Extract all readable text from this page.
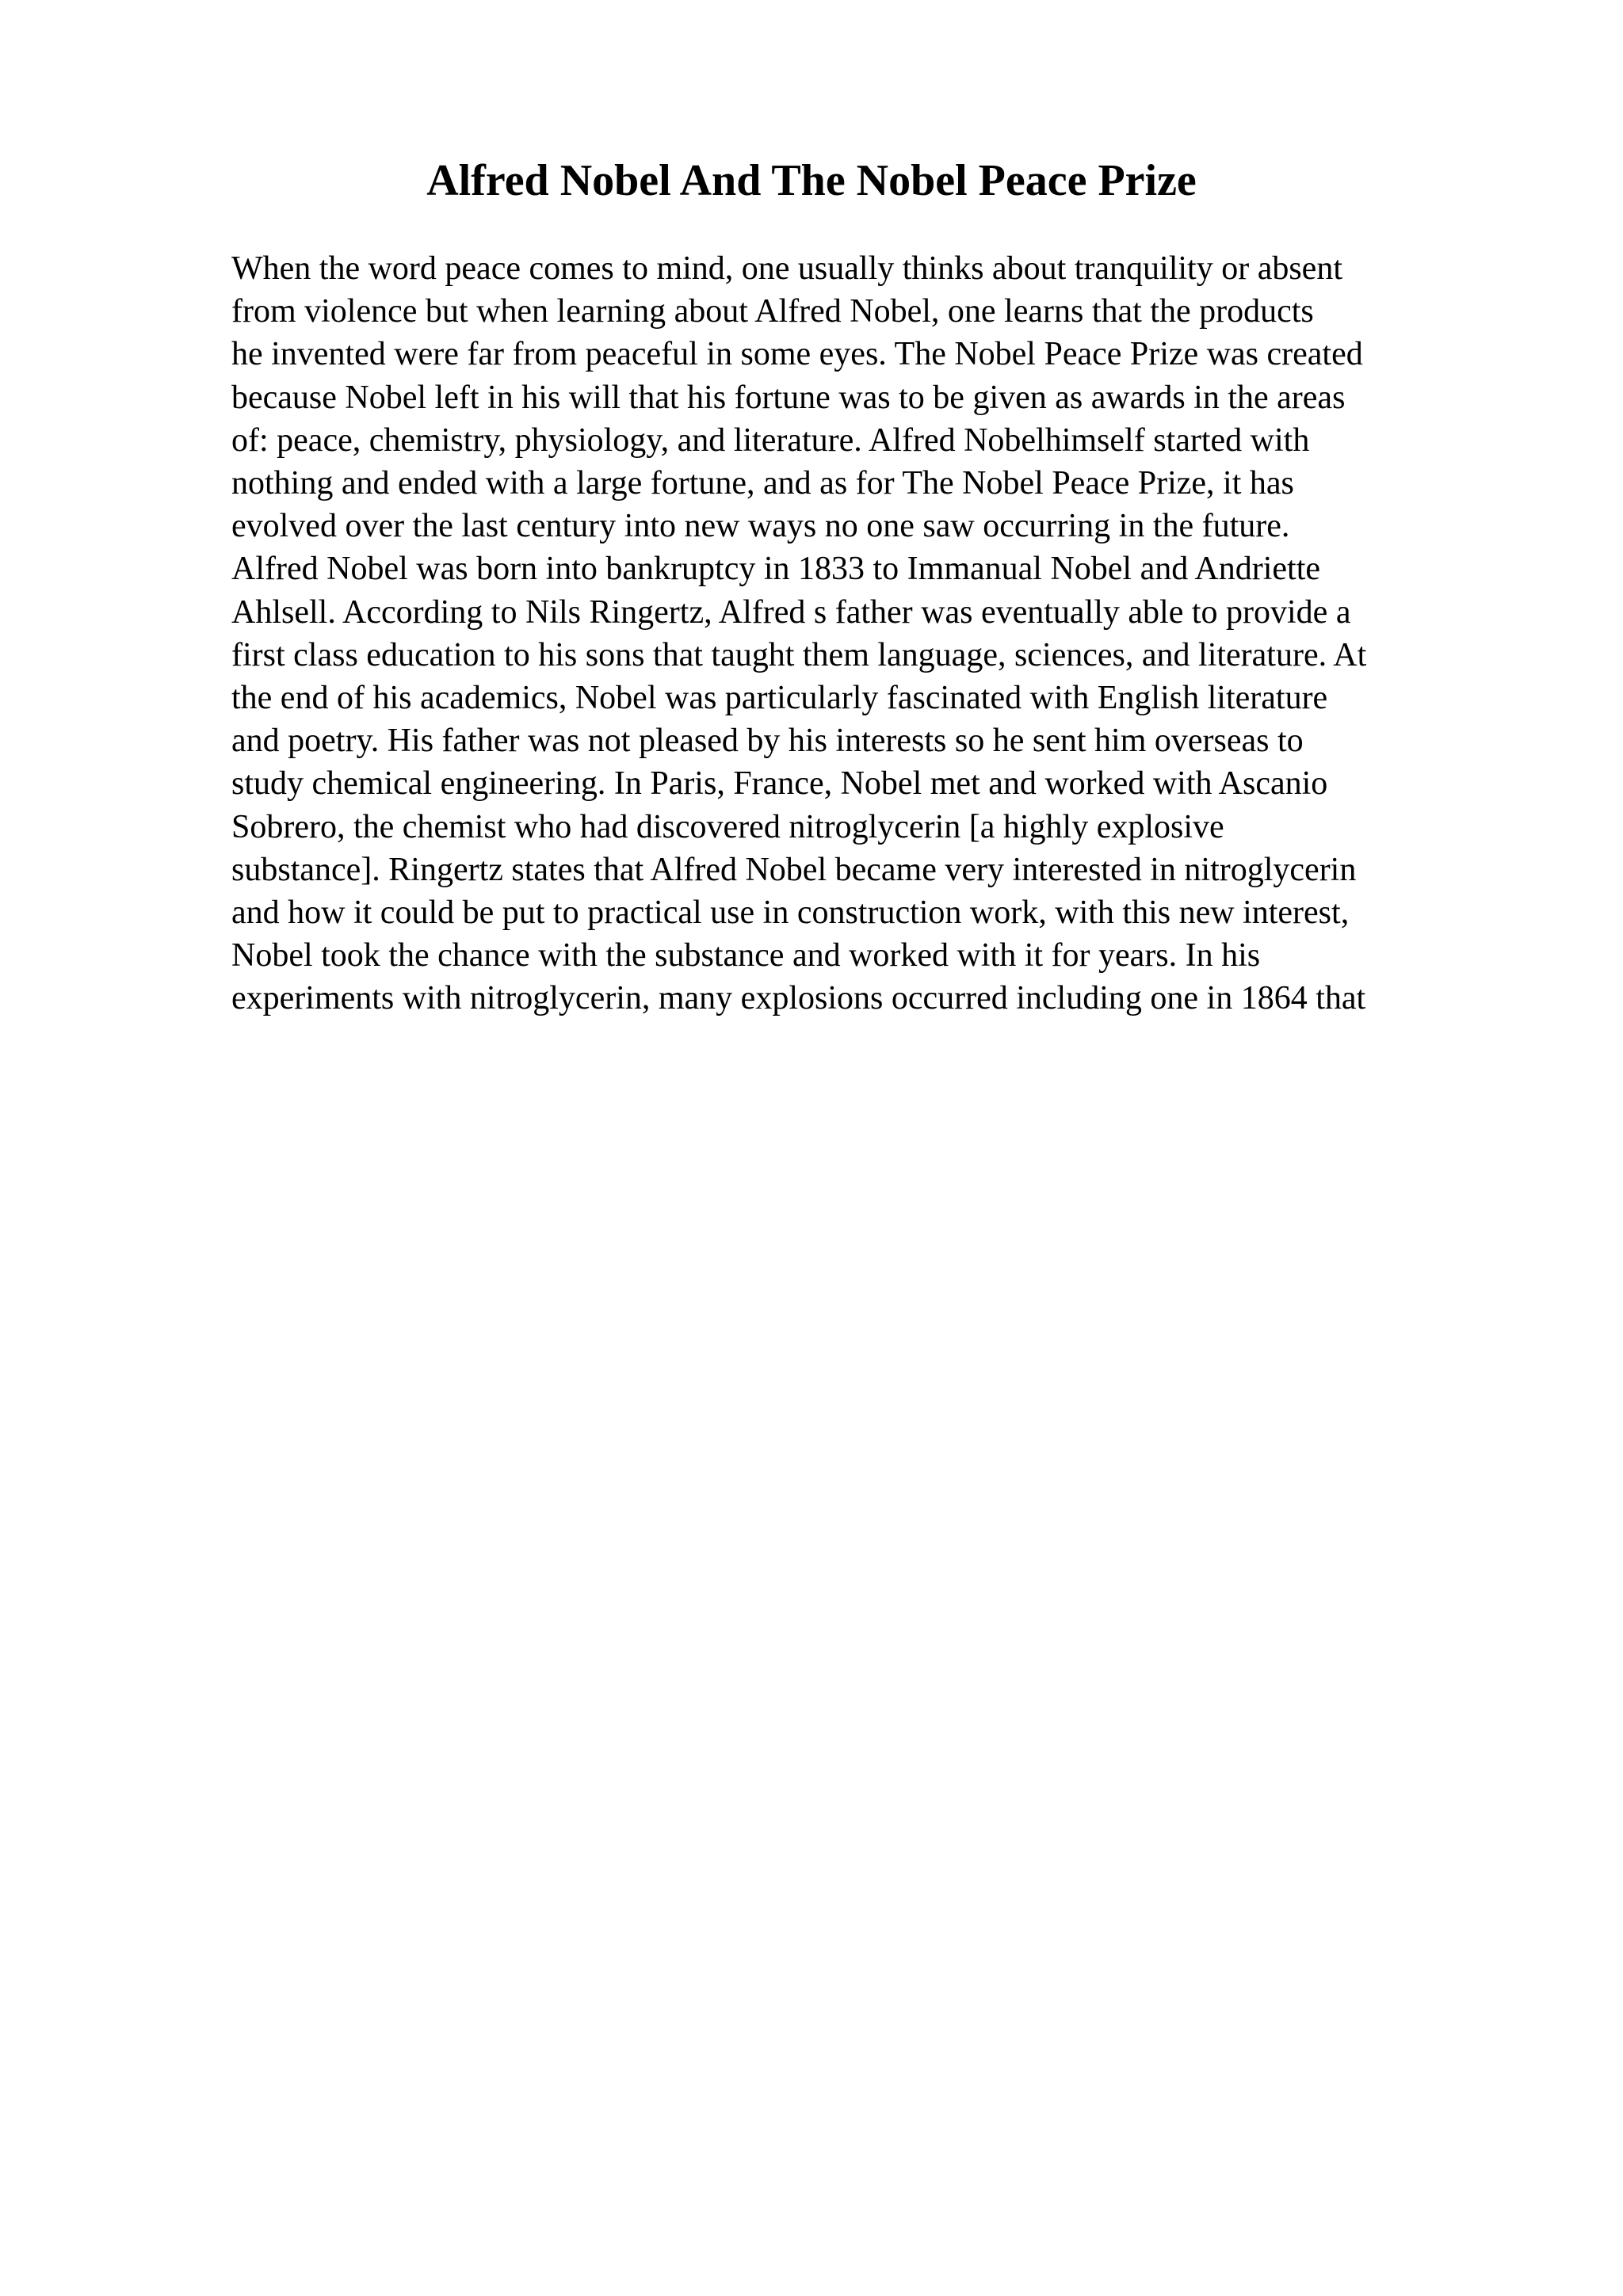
Alfred Nobel And The Nobel Peace Prize
When the word peace comes to mind, one usually thinks about tranquility or absent
from violence but when learning about Alfred Nobel, one learns that the products
he invented were far from peaceful in some eyes. The Nobel Peace Prize was created
because Nobel left in his will that his fortune was to be given as awards in the areas
of: peace, chemistry, physiology, and literature. Alfred Nobelhimself started with
nothing and ended with a large fortune, and as for The Nobel Peace Prize, it has
evolved over the last century into new ways no one saw occurring in the future.
Alfred Nobel was born into bankruptcy in 1833 to Immanual Nobel and Andriette
Ahlsell. According to Nils Ringertz, Alfred s father was eventually able to provide a
first class education to his sons that taught them language, sciences, and literature. At
the end of his academics, Nobel was particularly fascinated with English literature
and poetry. His father was not pleased by his interests so he sent him overseas to
study chemical engineering. In Paris, France, Nobel met and worked with Ascanio
Sobrero, the chemist who had discovered nitroglycerin [a highly explosive
substance]. Ringertz states that Alfred Nobel became very interested in nitroglycerin
and how it could be put to practical use in construction work, with this new interest,
Nobel took the chance with the substance and worked with it for years. In his
experiments with nitroglycerin, many explosions occurred including one in 1864 that
